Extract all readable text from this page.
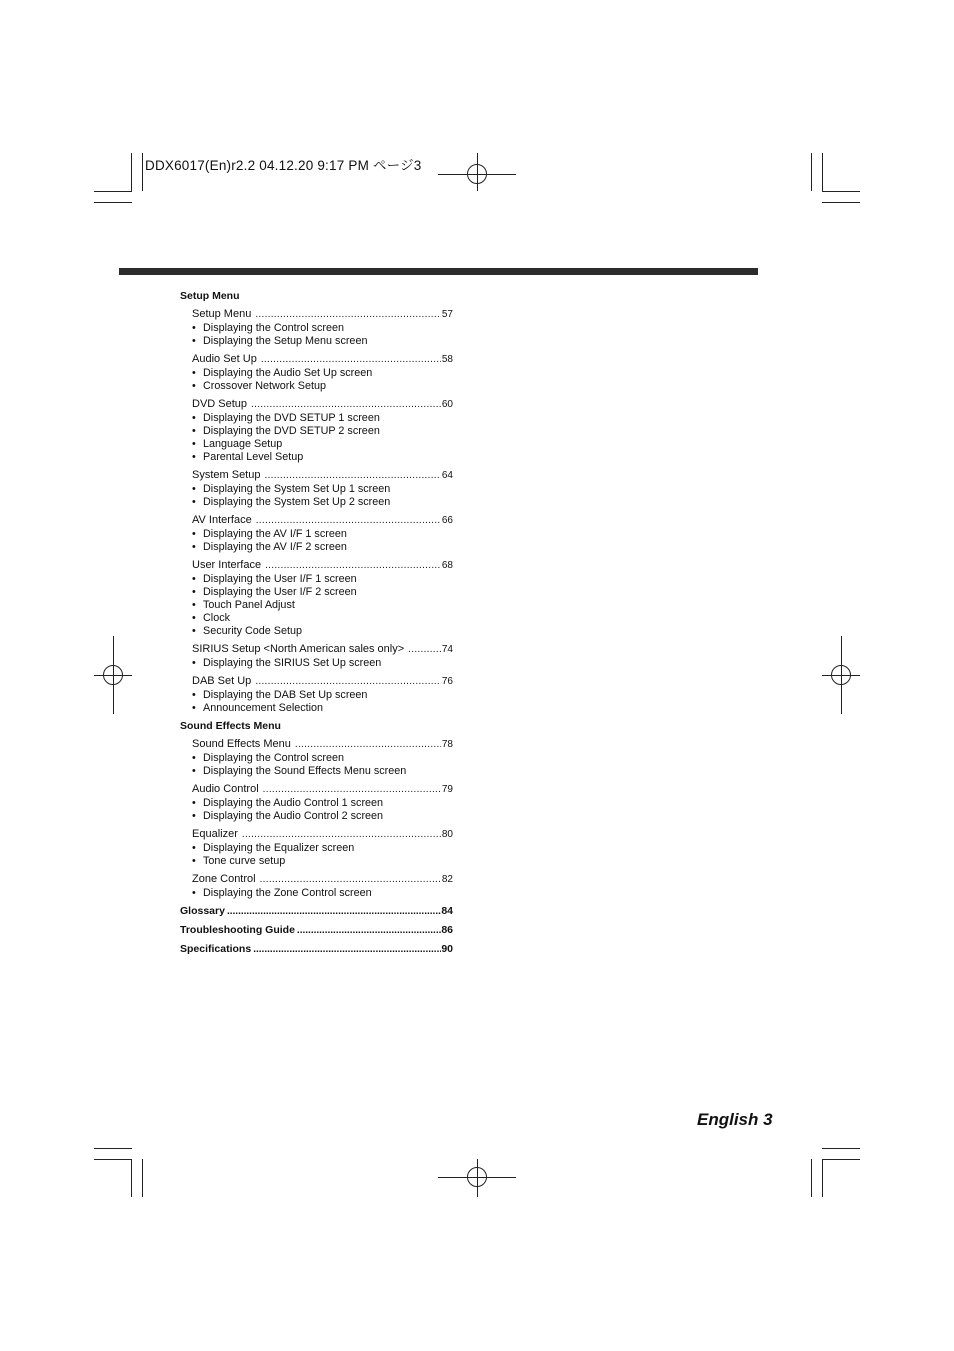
DDX6017(En)r2.2 04.12.20 9:17 PM ページ3
Setup Menu
Setup Menu .....	57
• Displaying the Control screen
• Displaying the Setup Menu screen
Audio Set Up .....	58
• Displaying the Audio Set Up screen
• Crossover Network Setup
DVD Setup .....	60
• Displaying the DVD SETUP 1 screen
• Displaying the DVD SETUP 2 screen
• Language Setup
• Parental Level Setup
System Setup .....	64
• Displaying the System Set Up 1 screen
• Displaying the System Set Up 2 screen
AV Interface .....	66
• Displaying the AV I/F 1 screen
• Displaying the AV I/F 2 screen
User Interface .....	68
• Displaying the User I/F 1 screen
• Displaying the User I/F 2 screen
• Touch Panel Adjust
• Clock
• Security Code Setup
SIRIUS Setup <North American sales only> .....	74
• Displaying the SIRIUS Set Up screen
DAB Set Up .....	76
• Displaying the DAB Set Up screen
• Announcement Selection
Sound Effects Menu
Sound Effects Menu .....	78
• Displaying the Control screen
• Displaying the Sound Effects Menu screen
Audio Control .....	79
• Displaying the Audio Control 1 screen
• Displaying the Audio Control 2 screen
Equalizer .....	80
• Displaying the Equalizer screen
• Tone curve setup
Zone Control .....	82
• Displaying the Zone Control screen
Glossary .....	84
Troubleshooting Guide .....	86
Specifications .....	90
English 3
